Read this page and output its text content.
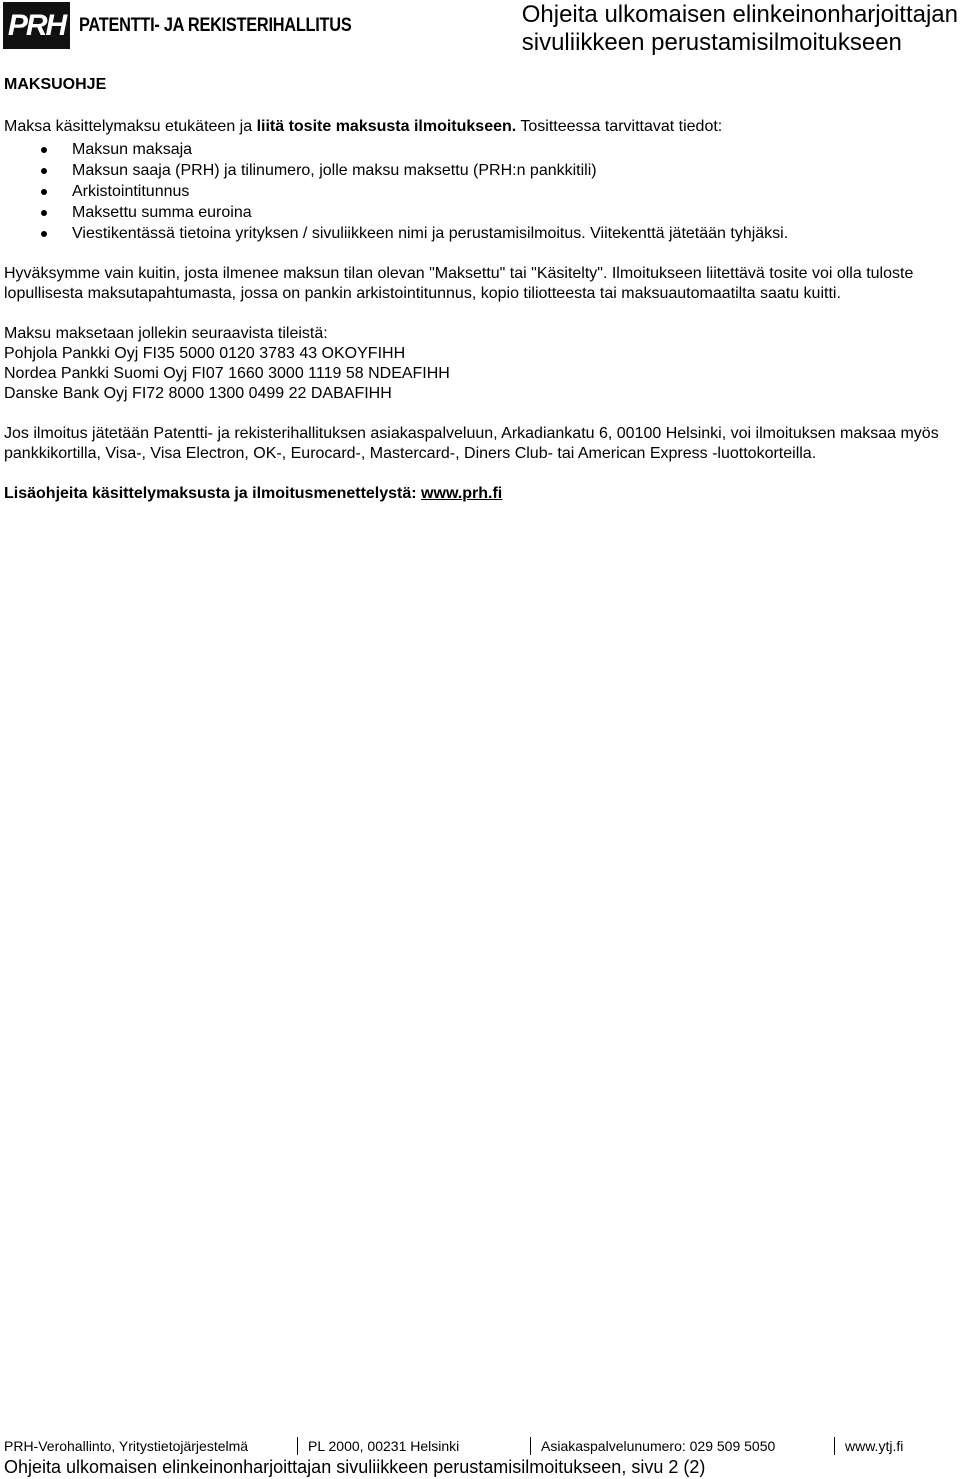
PRH PATENTTI- JA REKISTERIHALLITUS	Ohjeita ulkomaisen elinkeinonharjoittajan
sivuliikkeen perustamisilmoitukseen
MAKSUOHJE

Maksa käsittelymaksu etukäteen ja liitä tosite maksusta ilmoitukseen. Tositteessa tarvittavat tiedot:

Maksun maksaja
Maksun saaja (PRH) ja tilinumero, jolle maksu maksettu (PRH:n pankkitili)
Arkistointitunnus
Maksettu summa euroina
Viestikentässä tietoina yrityksen / sivuliikkeen nimi ja perustamisilmoitus. Viitekenttä jätetään tyhjäksi.

Hyväksymme vain kuitin, josta ilmenee maksun tilan olevan "Maksettu" tai "Käsitelty". Ilmoitukseen liitettävä tosite voi olla tuloste lopullisesta maksutapahtumasta, jossa on pankin arkistointitunnus, kopio tiliotteesta tai maksuautomaatilta saatu kuitti.

Maksu maksetaan jollekin seuraavista tileistä:

Pohjola Pankki Oyj FI35 5000 0120 3783 43 OKOYFIHH
Nordea Pankki Suomi Oyj FI07 1660 3000 1119 58 NDEAFIHH
Danske Bank Oyj FI72 8000 1300 0499 22 DABAFIHH

Jos ilmoitus jätetään Patentti- ja rekisterihallituksen asiakaspalveluun, Arkadiankatu 6, 00100 Helsinki, voi ilmoituksen maksaa myös pankkikortilla, Visa-, Visa Electron, OK-, Eurocard-, Mastercard-, Diners Club- tai American Express -luottokorteilla.

Lisäohjeita käsittelymaksusta ja ilmoitusmenettelystä: www.prh.fi

PRH-Verohallinto, Yritystietojärjestelmä	PL 2000, 00231 Helsinki	Asiakaspalvelunumero: 029 509 5050	www.ytj.fi
Ohjeita ulkomaisen elinkeinonharjoittajan sivuliikkeen perustamisilmoitukseen, sivu 2 (2)
